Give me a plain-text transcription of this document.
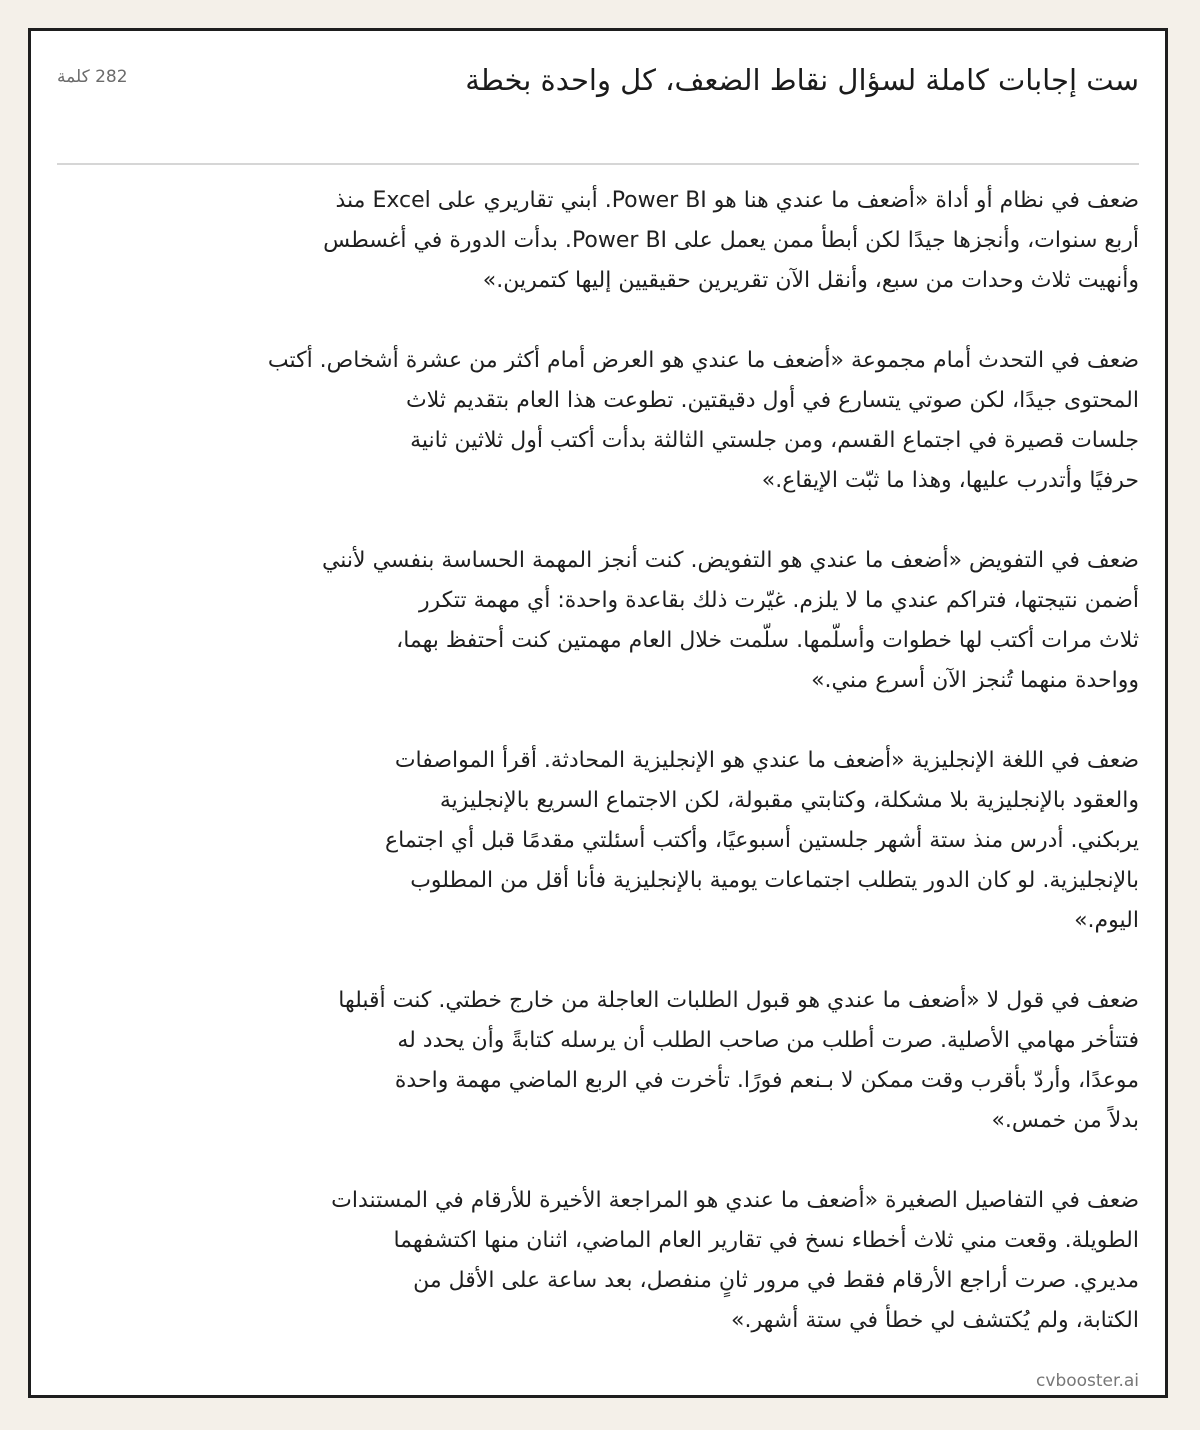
ست إجابات كاملة لسؤال نقاط الضعف، كل واحدة بخطة
282 كلمة

ضعف في نظام أو أداة «أضعف ما عندي هنا هو Power BI. أبني تقاريري على Excel منذ
أربع سنوات، وأنجزها جيدًا لكن أبطأ ممن يعمل على Power BI. بدأت الدورة في أغسطس
وأنهيت ثلاث وحدات من سبع، وأنقل الآن تقريرين حقيقيين إليها كتمرين.»

ضعف في التحدث أمام مجموعة «أضعف ما عندي هو العرض أمام أكثر من عشرة أشخاص. أكتب
المحتوى جيدًا، لكن صوتي يتسارع في أول دقيقتين. تطوعت هذا العام بتقديم ثلاث
جلسات قصيرة في اجتماع القسم، ومن جلستي الثالثة بدأت أكتب أول ثلاثين ثانية
حرفيًا وأتدرب عليها، وهذا ما ثبّت الإيقاع.»

ضعف في التفويض «أضعف ما عندي هو التفويض. كنت أنجز المهمة الحساسة بنفسي لأنني
أضمن نتيجتها، فتراكم عندي ما لا يلزم. غيّرت ذلك بقاعدة واحدة: أي مهمة تتكرر
ثلاث مرات أكتب لها خطوات وأسلّمها. سلّمت خلال العام مهمتين كنت أحتفظ بهما،
وواحدة منهما تُنجز الآن أسرع مني.»

ضعف في اللغة الإنجليزية «أضعف ما عندي هو الإنجليزية المحادثة. أقرأ المواصفات
والعقود بالإنجليزية بلا مشكلة، وكتابتي مقبولة، لكن الاجتماع السريع بالإنجليزية
يربكني. أدرس منذ ستة أشهر جلستين أسبوعيًا، وأكتب أسئلتي مقدمًا قبل أي اجتماع
بالإنجليزية. لو كان الدور يتطلب اجتماعات يومية بالإنجليزية فأنا أقل من المطلوب
اليوم.»

ضعف في قول لا «أضعف ما عندي هو قبول الطلبات العاجلة من خارج خطتي. كنت أقبلها
فتتأخر مهامي الأصلية. صرت أطلب من صاحب الطلب أن يرسله كتابةً وأن يحدد له
موعدًا، وأردّ بأقرب وقت ممكن لا بـنعم فورًا. تأخرت في الربع الماضي مهمة واحدة
بدلاً من خمس.»

ضعف في التفاصيل الصغيرة «أضعف ما عندي هو المراجعة الأخيرة للأرقام في المستندات
الطويلة. وقعت مني ثلاث أخطاء نسخ في تقارير العام الماضي، اثنان منها اكتشفهما
مديري. صرت أراجع الأرقام فقط في مرور ثانٍ منفصل، بعد ساعة على الأقل من
الكتابة، ولم يُكتشف لي خطأ في ستة أشهر.»

cvbooster.ai
